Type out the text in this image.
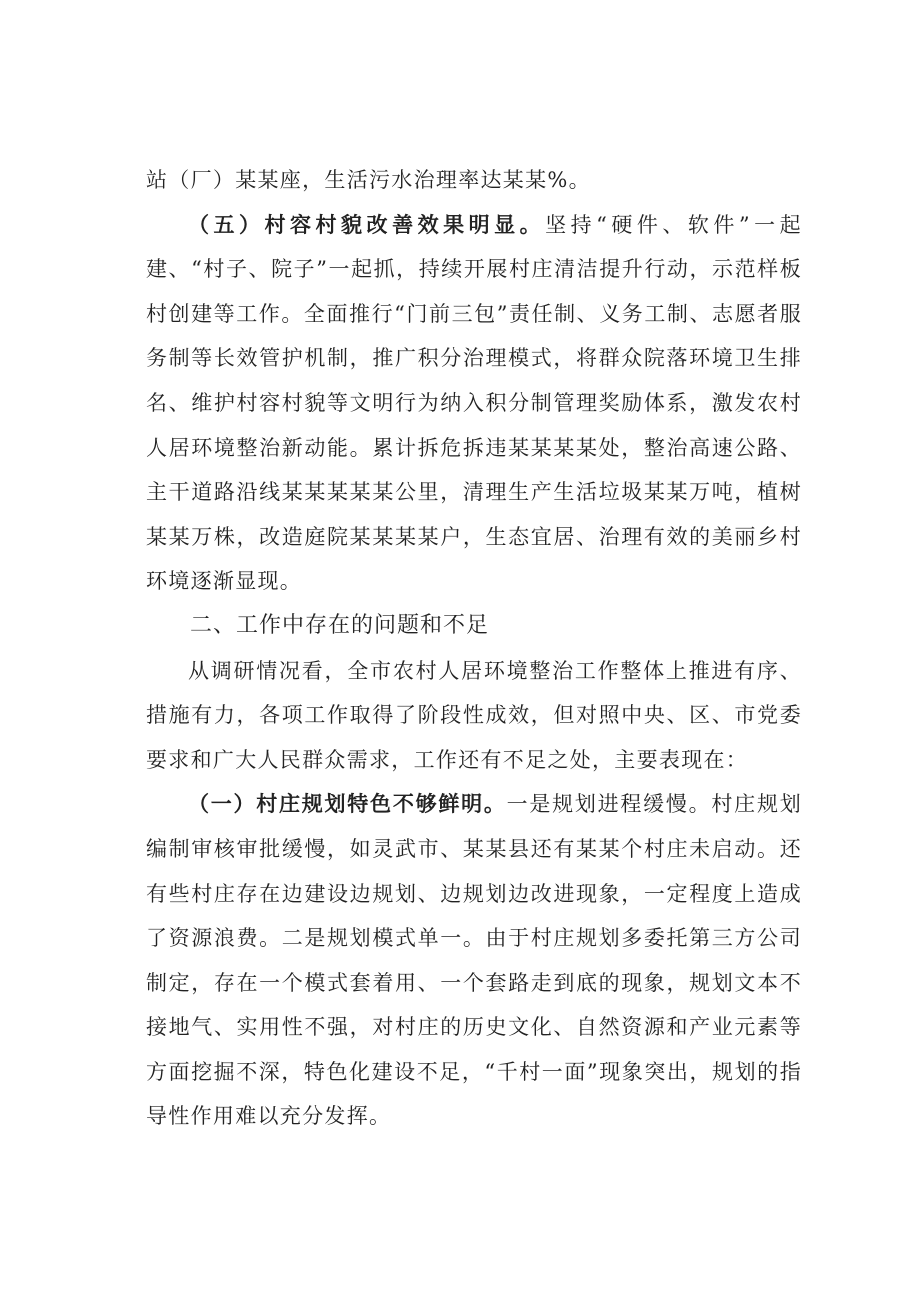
站（厂）某某座，生活污水治理率达某某%。

（五）村容村貌改善效果明显。坚持“硬件、软件”一起建、“村子、院子”一起抓，持续开展村庄清洁提升行动，示范样板村创建等工作。全面推行“门前三包”责任制、义务工制、志愿者服务制等长效管护机制，推广积分治理模式，将群众院落环境卫生排名、维护村容村貌等文明行为纳入积分制管理奖励体系，激发农村人居环境整治新动能。累计拆危拆违某某某某处，整治高速公路、主干道路沿线某某某某某公里，清理生产生活垃圾某某万吨，植树某某万株，改造庭院某某某某户，生态宜居、治理有效的美丽乡村环境逐渐显现。

二、工作中存在的问题和不足

从调研情况看，全市农村人居环境整治工作整体上推进有序、措施有力，各项工作取得了阶段性成效，但对照中央、区、市党委要求和广大人民群众需求，工作还有不足之处，主要表现在：

（一）村庄规划特色不够鲜明。一是规划进程缓慢。村庄规划编制审核审批缓慢，如灵武市、某某县还有某某个村庄未启动。还有些村庄存在边建设边规划、边规划边改进现象，一定程度上造成了资源浪费。二是规划模式单一。由于村庄规划多委托第三方公司制定，存在一个模式套着用、一个套路走到底的现象，规划文本不接地气、实用性不强，对村庄的历史文化、自然资源和产业元素等方面挖掘不深，特色化建设不足，“千村一面”现象突出，规划的指导性作用难以充分发挥。
